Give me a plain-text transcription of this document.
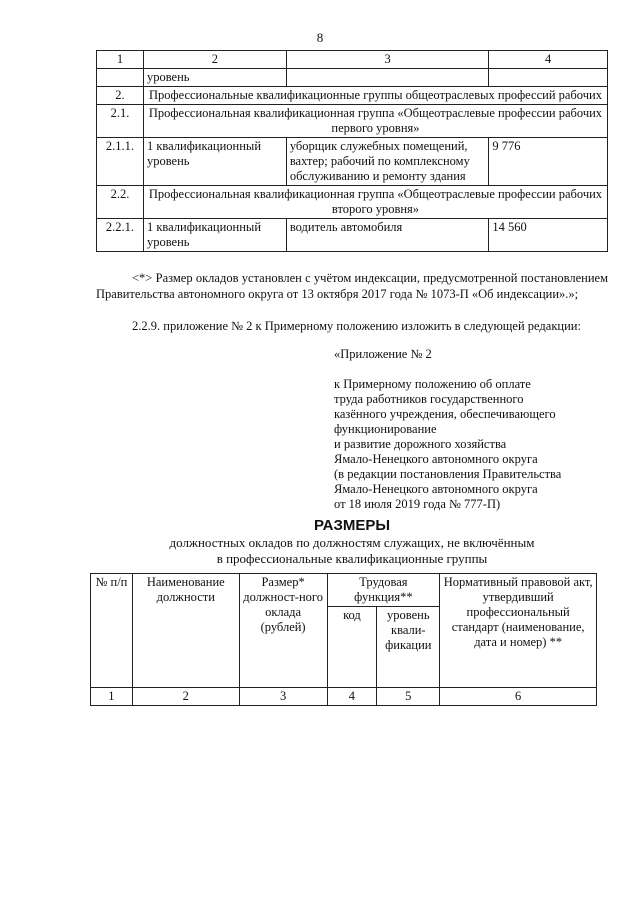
8
1	2	3	4
	уровень		
2.	Профессиональные квалификационные группы общеотраслевых профессий рабочих		
2.1.	Профессиональная квалификационная группа «Общеотраслевые профессии рабочих первого уровня»		
2.1.1.	1 квалификационный уровень	уборщик служебных помещений, вахтер; рабочий по комплексному обслуживанию и ремонту здания	9 776
2.2.	Профессиональная квалификационная группа «Общеотраслевые профессии рабочих второго уровня»		
2.2.1.	1 квалификационный уровень	водитель автомобиля	14 560
<*> Размер окладов установлен с учётом индексации, предусмотренной постановлением Правительства автономного округа от 13 октября 2017 года № 1073-П «Об индексации».»;
2.2.9. приложение № 2 к Примерному положению изложить в следующей редакции:
«Приложение № 2
к Примерному положению об оплате
труда работников государственного
казённого учреждения, обеспечивающего
функционирование
и развитие дорожного хозяйства
Ямало-Ненецкого автономного округа
(в редакции постановления Правительства
Ямало-Ненецкого автономного округа
от 18 июля 2019 года № 777-П)
РАЗМЕРЫ
должностных окладов по должностям служащих, не включённым
в профессиональные квалификационные группы
№ п/п	Наименование должности	Размер* должност-ного оклада (рублей)	Трудовая функция**		Нормативный правовой акт, утвердивший профессиональный стандарт (наименование, дата и номер) **
			код	уровень квали-фикации	
1	2	3	4	5	6
